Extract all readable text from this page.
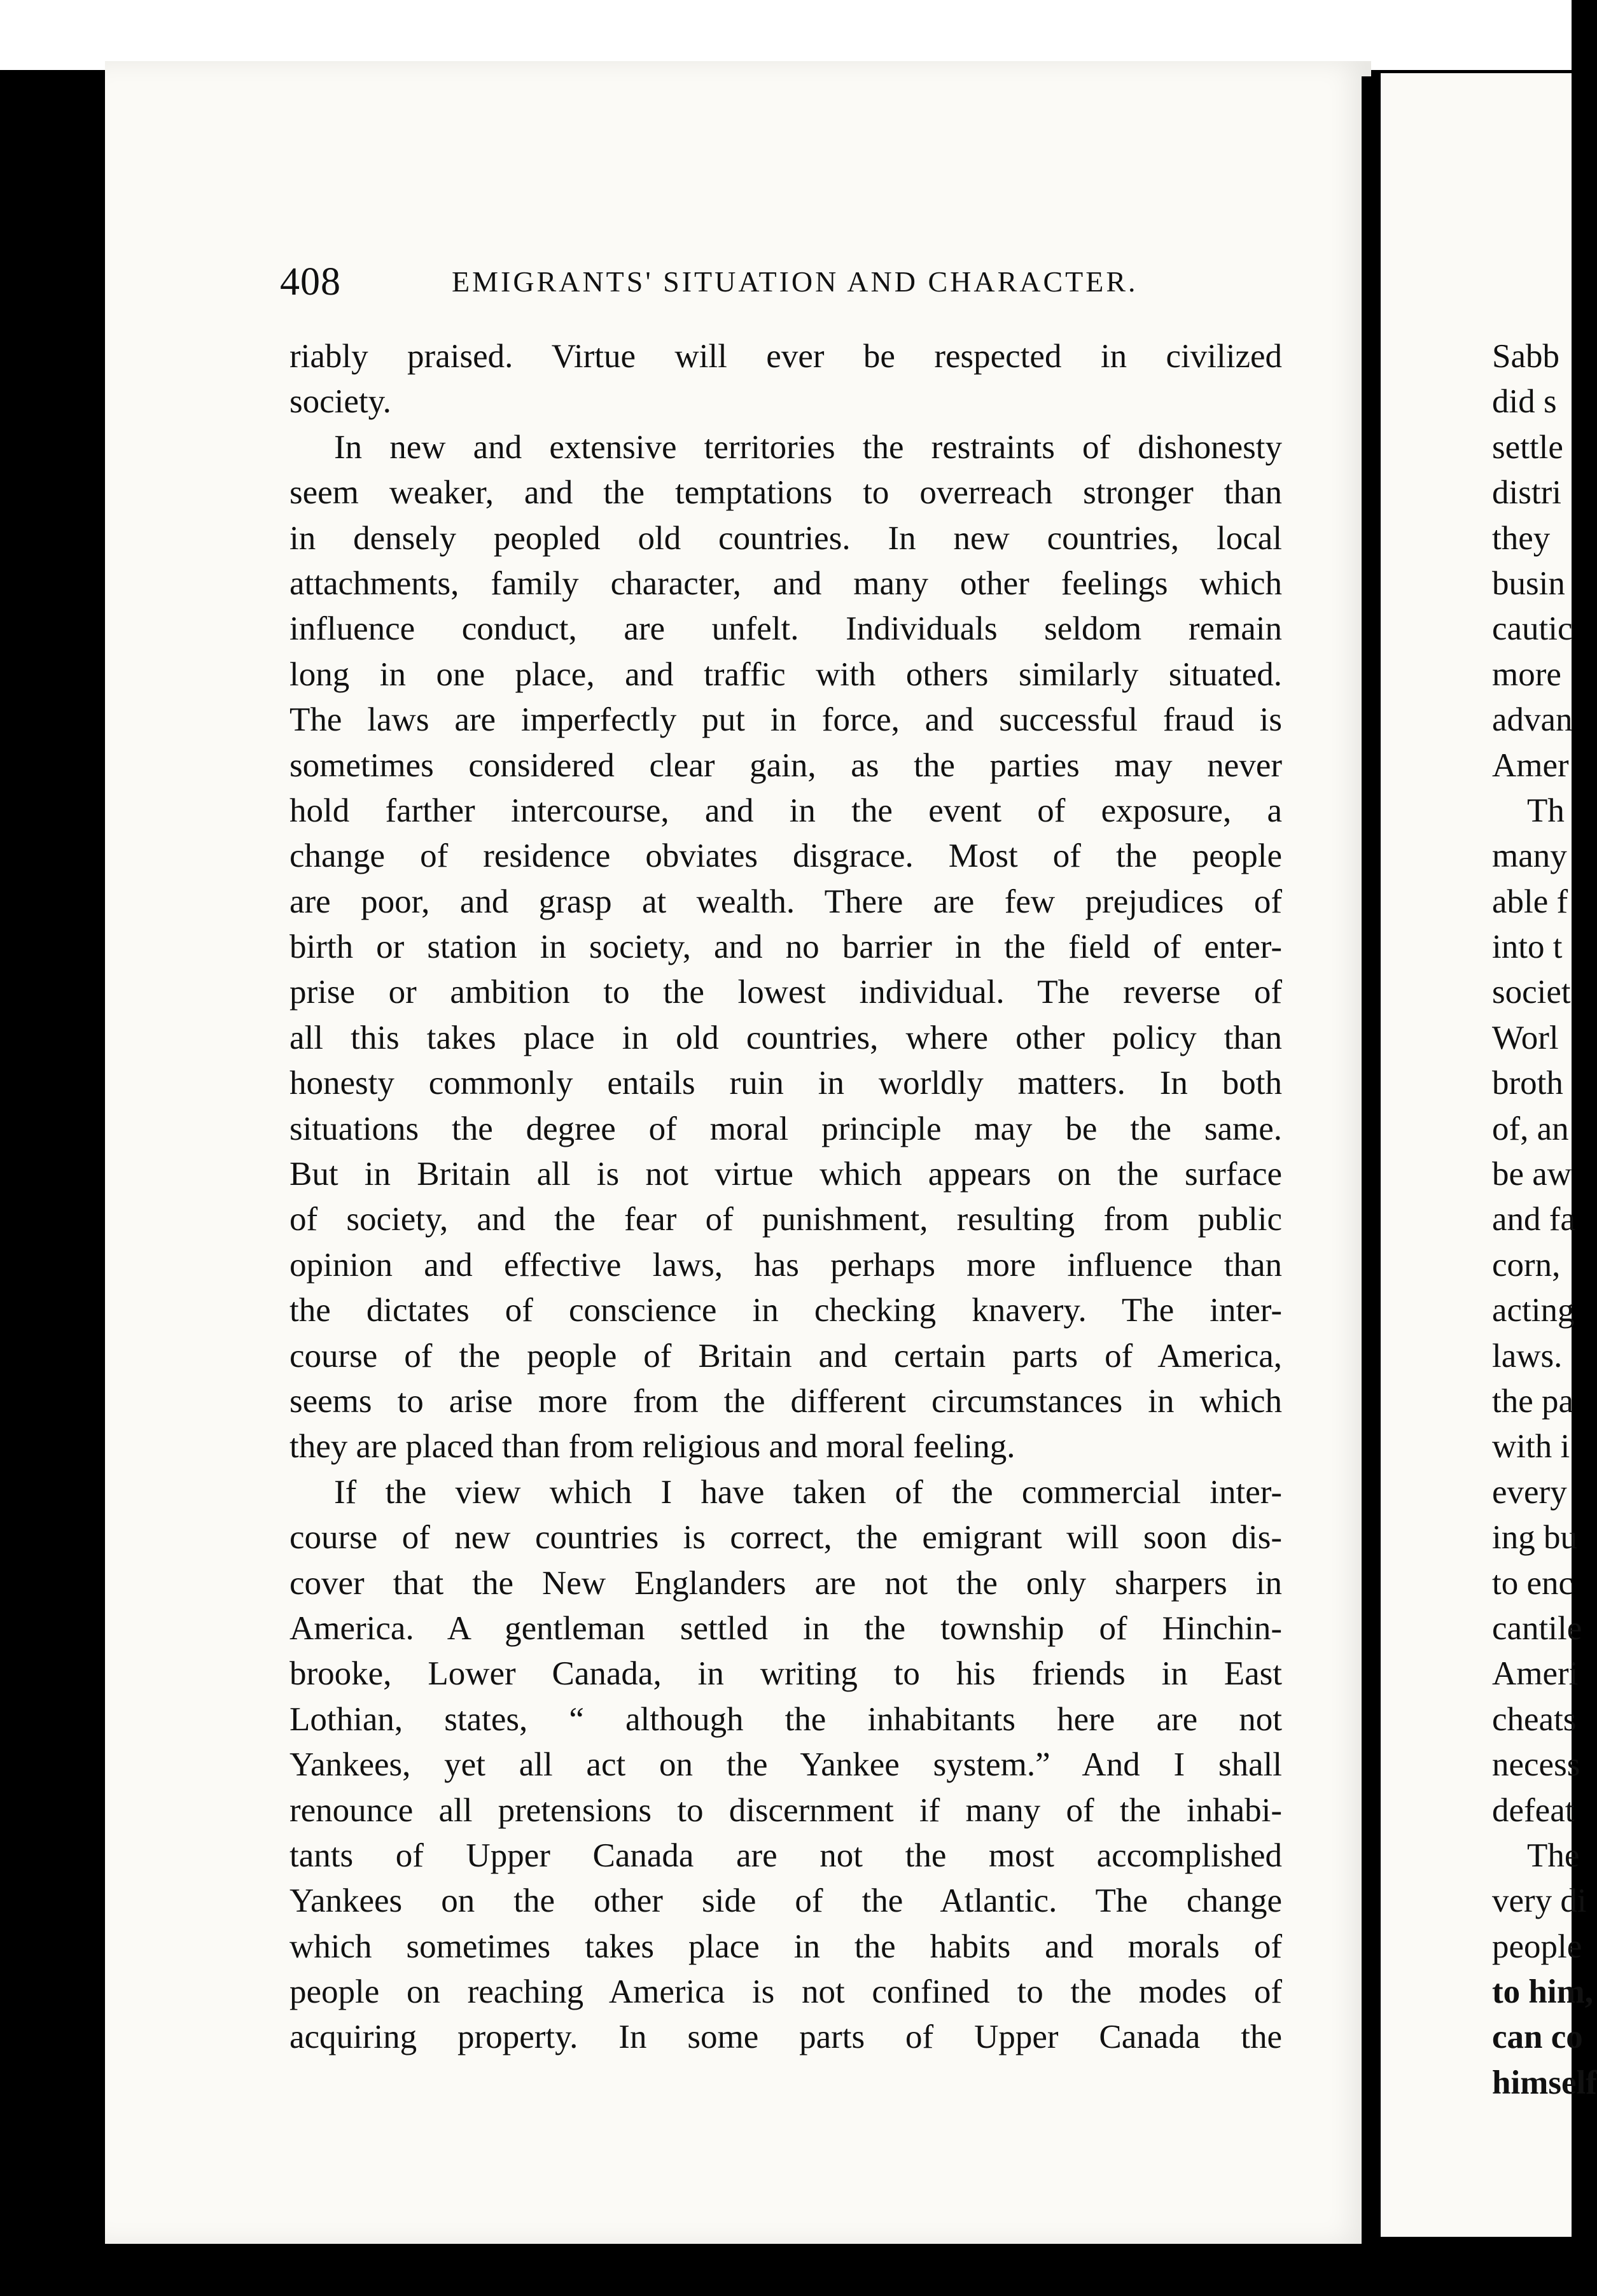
408	EMIGRANTS' SITUATION AND CHARACTER.
riably praised. Virtue will ever be respected in civilized
society.
In new and extensive territories the restraints of dishonesty
seem weaker, and the temptations to overreach stronger than
in densely peopled old countries. In new countries, local
attachments, family character, and many other feelings which
influence conduct, are unfelt. Individuals seldom remain
long in one place, and traffic with others similarly situated.
The laws are imperfectly put in force, and successful fraud is
sometimes considered clear gain, as the parties may never
hold farther intercourse, and in the event of exposure, a
change of residence obviates disgrace. Most of the people
are poor, and grasp at wealth. There are few prejudices of
birth or station in society, and no barrier in the field of enter-
prise or ambition to the lowest individual. The reverse of
all this takes place in old countries, where other policy than
honesty commonly entails ruin in worldly matters. In both
situations the degree of moral principle may be the same.
But in Britain all is not virtue which appears on the surface
of society, and the fear of punishment, resulting from public
opinion and effective laws, has perhaps more influence than
the dictates of conscience in checking knavery. The inter-
course of the people of Britain and certain parts of America,
seems to arise more from the different circumstances in which
they are placed than from religious and moral feeling.
If the view which I have taken of the commercial inter-
course of new countries is correct, the emigrant will soon dis-
cover that the New Englanders are not the only sharpers in
America. A gentleman settled in the township of Hinchin-
brooke, Lower Canada, in writing to his friends in East
Lothian, states, “ although the inhabitants here are not
Yankees, yet all act on the Yankee system.” And I shall
renounce all pretensions to discernment if many of the inhabi-
tants of Upper Canada are not the most accomplished
Yankees on the other side of the Atlantic. The change
which sometimes takes place in the habits and morals of
people on reaching America is not confined to the modes of
acquiring property. In some parts of Upper Canada the
Sabb
did s
settle
distri
they
busin
cautic
more
advan
Amer
Th
many
able f
into t
societ
Worl
broth
of, an
be aw
and fa
corn,
acting
laws.
the pa
with i
every
ing bu
to enc
cantile
Ameri
cheats
necess
defeat
The
very di
people
to him,
can co
himself
